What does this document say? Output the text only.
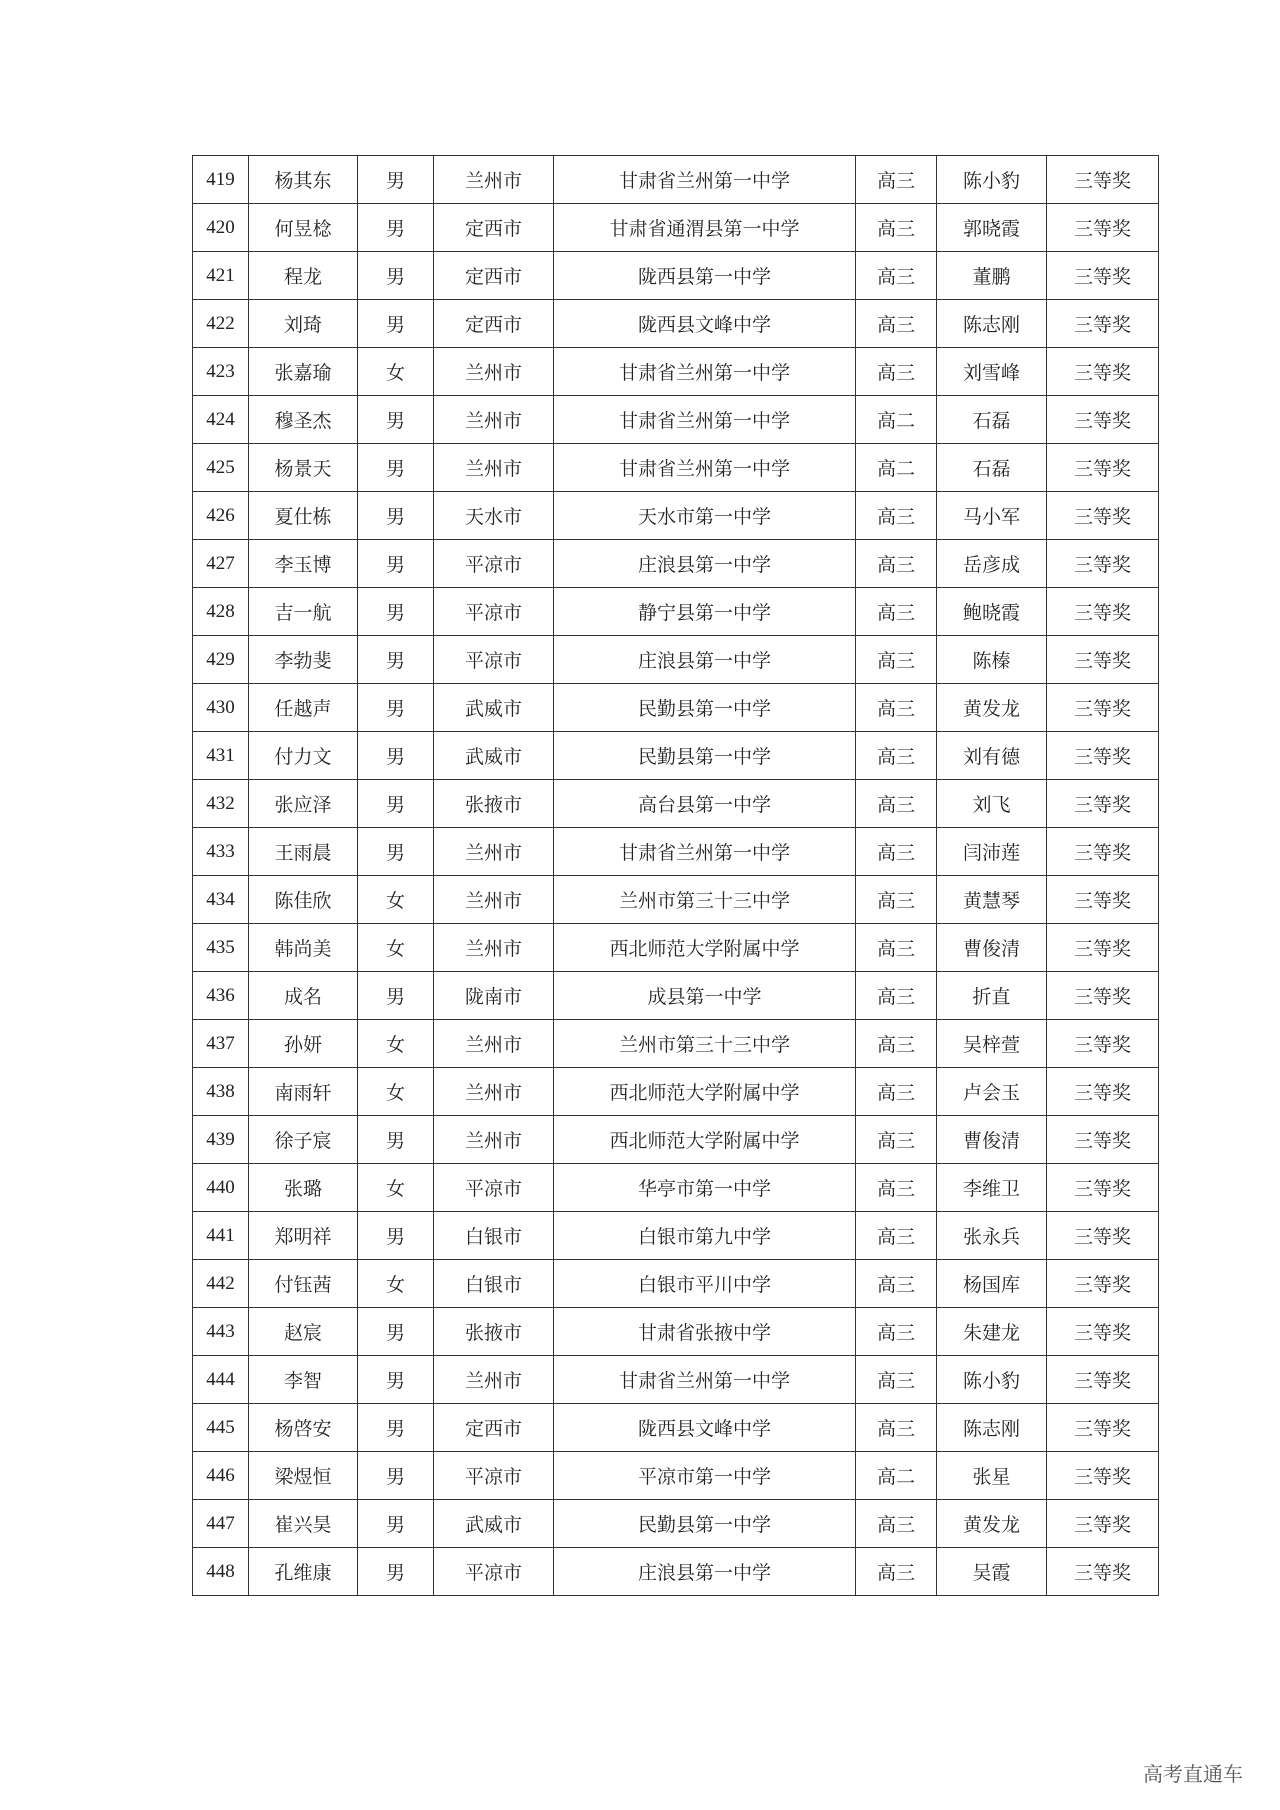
419	杨其东	男	兰州市	甘肃省兰州第一中学	高三	陈小豹	三等奖
420	何昱棯	男	定西市	甘肃省通渭县第一中学	高三	郭晓霞	三等奖
421	程龙	男	定西市	陇西县第一中学	高三	董鹏	三等奖
422	刘琦	男	定西市	陇西县文峰中学	高三	陈志刚	三等奖
423	张嘉瑜	女	兰州市	甘肃省兰州第一中学	高三	刘雪峰	三等奖
424	穆圣杰	男	兰州市	甘肃省兰州第一中学	高二	石磊	三等奖
425	杨景天	男	兰州市	甘肃省兰州第一中学	高二	石磊	三等奖
426	夏仕栋	男	天水市	天水市第一中学	高三	马小军	三等奖
427	李玉博	男	平凉市	庄浪县第一中学	高三	岳彦成	三等奖
428	吉一航	男	平凉市	静宁县第一中学	高三	鲍晓霞	三等奖
429	李勃斐	男	平凉市	庄浪县第一中学	高三	陈榛	三等奖
430	任越声	男	武威市	民勤县第一中学	高三	黄发龙	三等奖
431	付力文	男	武威市	民勤县第一中学	高三	刘有德	三等奖
432	张应泽	男	张掖市	高台县第一中学	高三	刘飞	三等奖
433	王雨晨	男	兰州市	甘肃省兰州第一中学	高三	闫沛莲	三等奖
434	陈佳欣	女	兰州市	兰州市第三十三中学	高三	黄慧琴	三等奖
435	韩尚美	女	兰州市	西北师范大学附属中学	高三	曹俊清	三等奖
436	成名	男	陇南市	成县第一中学	高三	折直	三等奖
437	孙妍	女	兰州市	兰州市第三十三中学	高三	吴梓萱	三等奖
438	南雨轩	女	兰州市	西北师范大学附属中学	高三	卢会玉	三等奖
439	徐子宸	男	兰州市	西北师范大学附属中学	高三	曹俊清	三等奖
440	张璐	女	平凉市	华亭市第一中学	高三	李维卫	三等奖
441	郑明祥	男	白银市	白银市第九中学	高三	张永兵	三等奖
442	付钰茜	女	白银市	白银市平川中学	高三	杨国库	三等奖
443	赵宸	男	张掖市	甘肃省张掖中学	高三	朱建龙	三等奖
444	李智	男	兰州市	甘肃省兰州第一中学	高三	陈小豹	三等奖
445	杨啓安	男	定西市	陇西县文峰中学	高三	陈志刚	三等奖
446	梁煜恒	男	平凉市	平凉市第一中学	高二	张星	三等奖
447	崔兴昊	男	武威市	民勤县第一中学	高三	黄发龙	三等奖
448	孔维康	男	平凉市	庄浪县第一中学	高三	吴霞	三等奖
高考直通车
